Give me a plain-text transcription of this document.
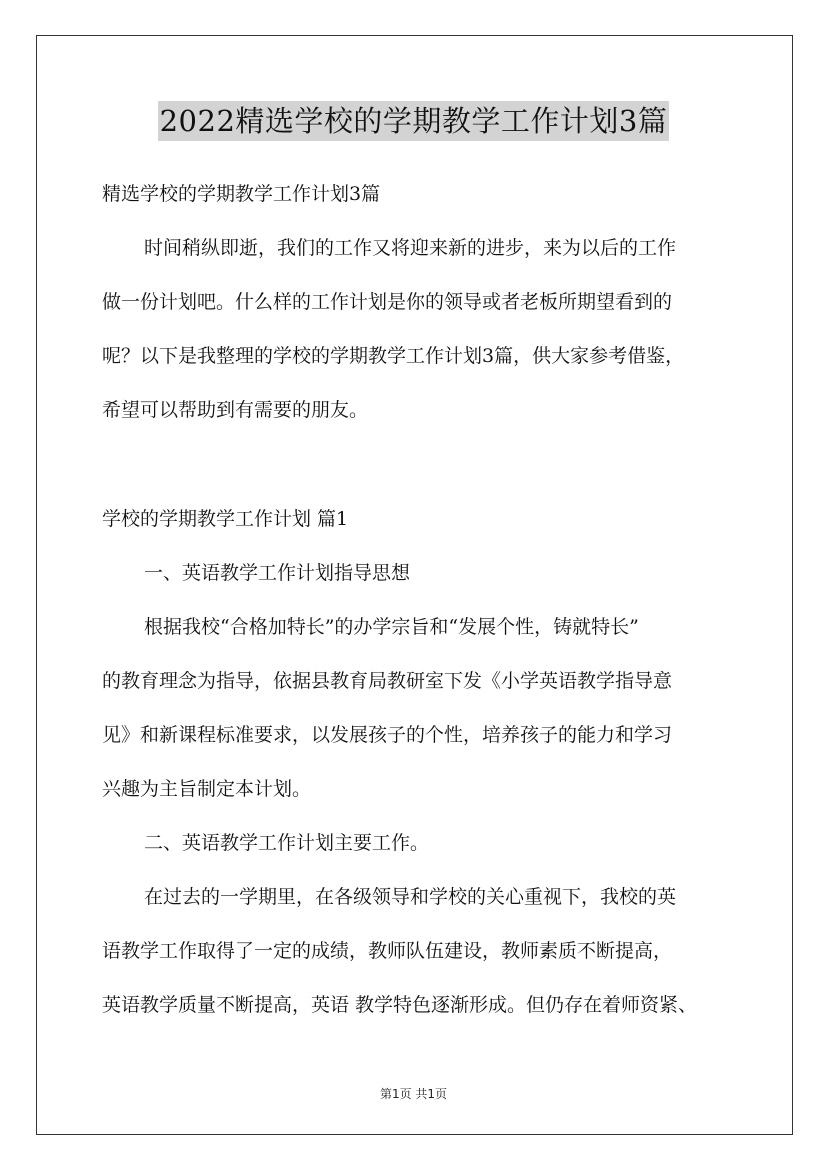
2022精选学校的学期教学工作计划3篇
精选学校的学期教学工作计划3篇
时间稍纵即逝，我们的工作又将迎来新的进步，来为以后的工作
做一份计划吧。什么样的工作计划是你的领导或者老板所期望看到的
呢？以下是我整理的学校的学期教学工作计划3篇，供大家参考借鉴，
希望可以帮助到有需要的朋友。
学校的学期教学工作计划 篇1
一、英语教学工作计划指导思想
根据我校“合格加特长”的办学宗旨和“发展个性，铸就特长”
的教育理念为指导，依据县教育局教研室下发《小学英语教学指导意
见》和新课程标准要求，以发展孩子的个性，培养孩子的能力和学习
兴趣为主旨制定本计划。
二、英语教学工作计划主要工作。
在过去的一学期里，在各级领导和学校的关心重视下，我校的英
语教学工作取得了一定的成绩，教师队伍建设，教师素质不断提高，
英语教学质量不断提高，英语 教学特色逐渐形成。但仍存在着师资紧、
第1页 共1页
